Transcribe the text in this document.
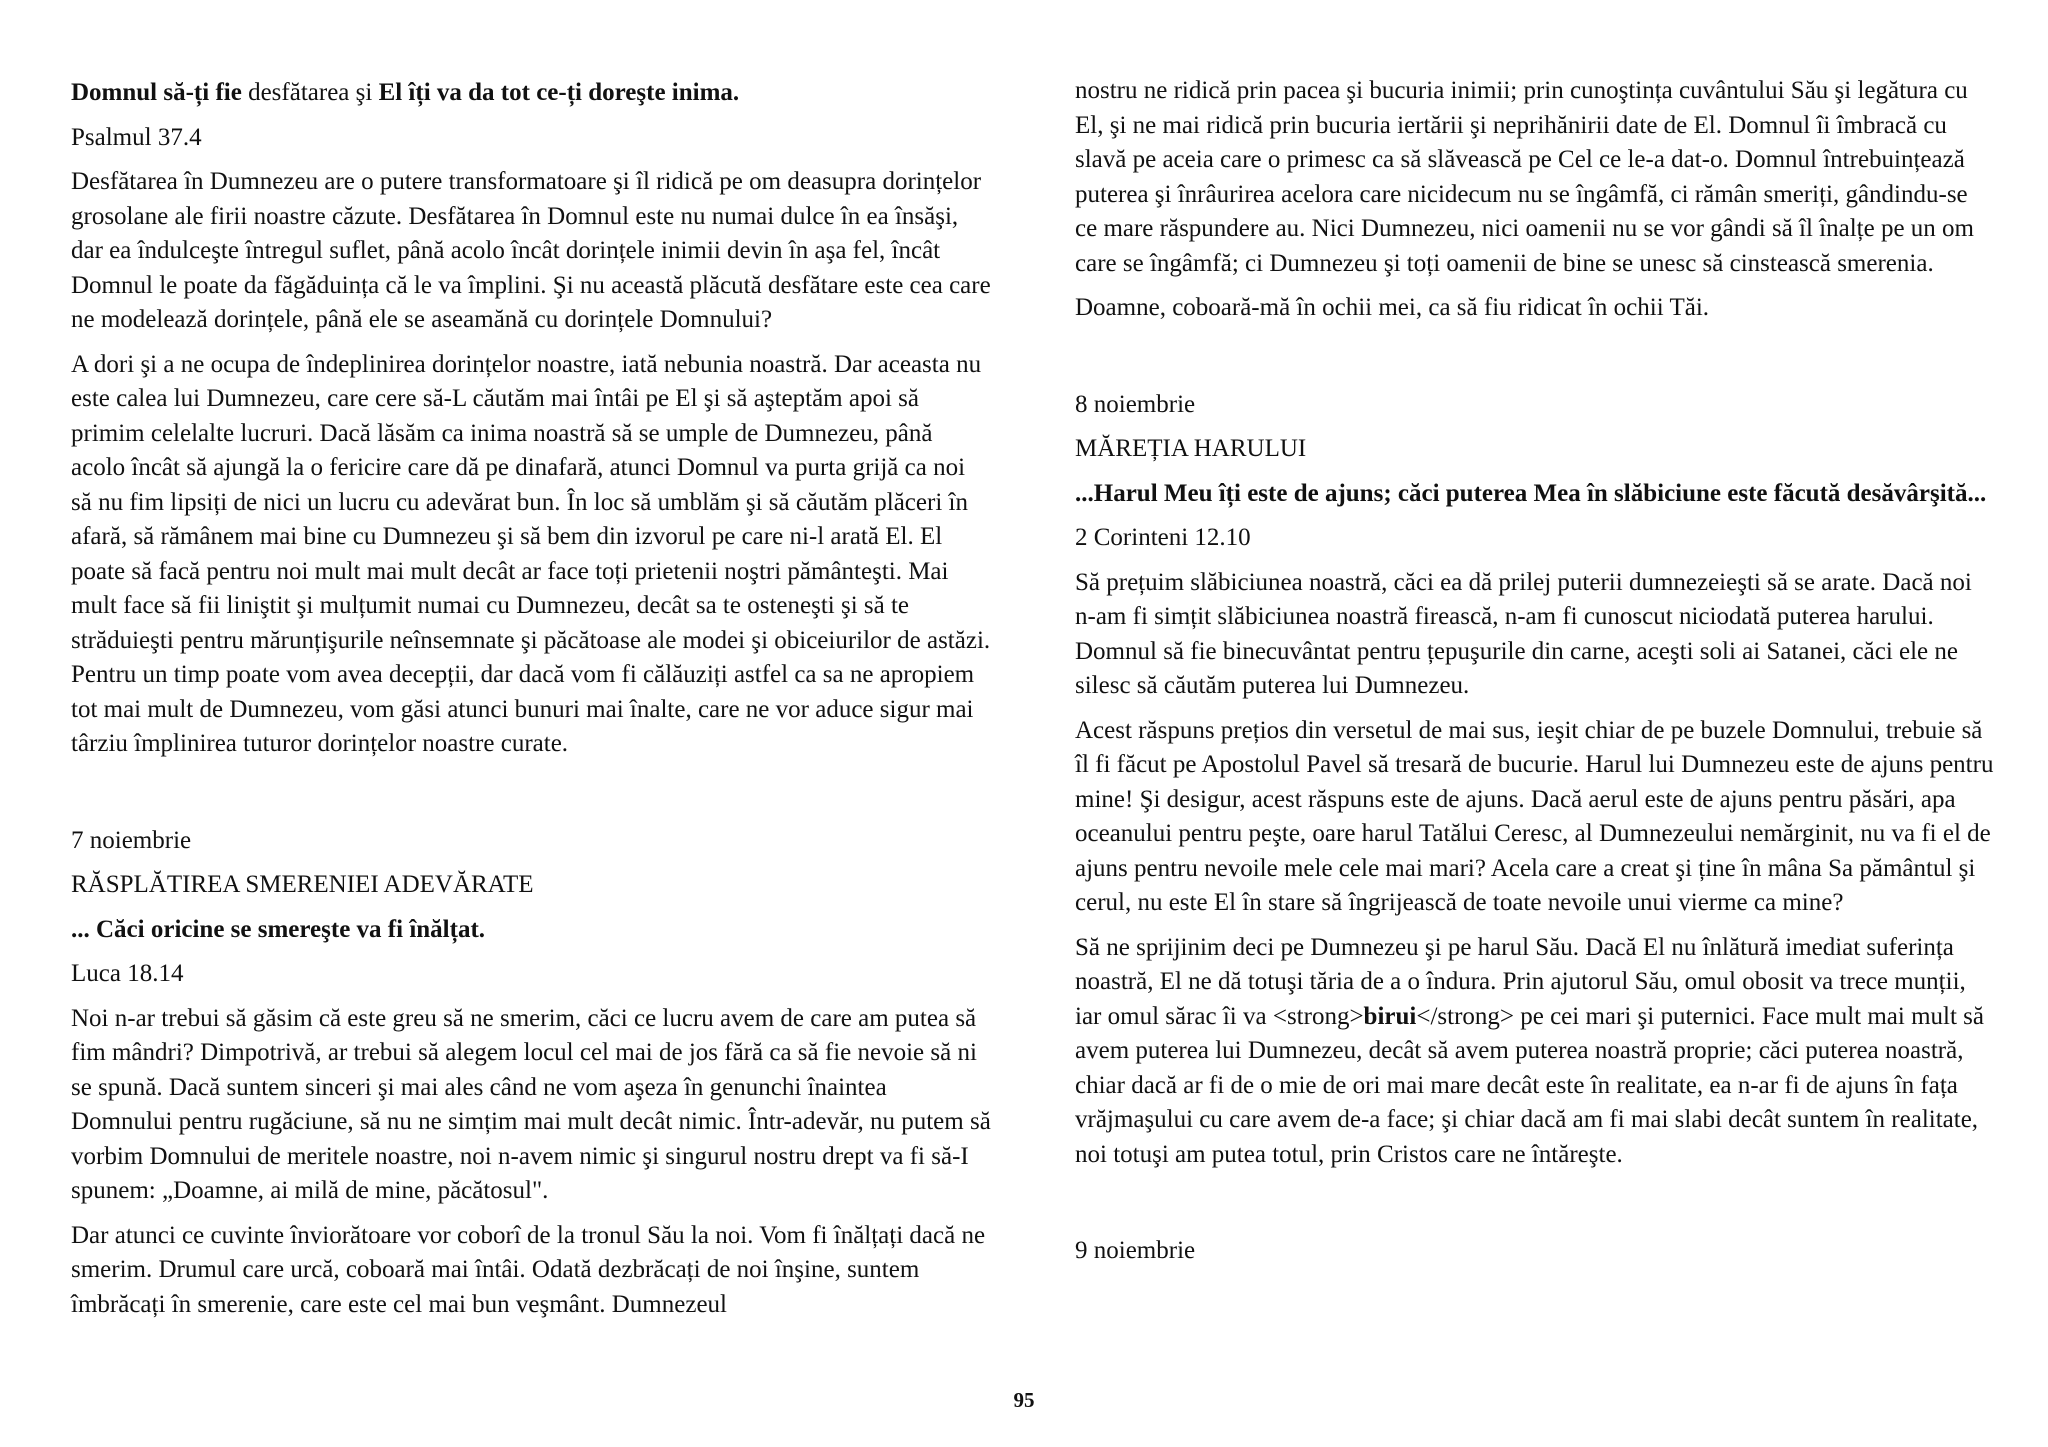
Domnul să-ți fie desfătarea şi El îți va da tot ce-ți doreşte inima.

Psalmul 37.4

Desfătarea în Dumnezeu are o putere transformatoare şi îl ridică pe om deasupra dorințelor grosolane ale firii noastre căzute. Desfătarea în Domnul este nu numai dulce în ea însăşi, dar ea îndulceşte întregul suflet, până acolo încât dorințele inimii devin în aşa fel, încât Domnul le poate da făgăduința că le va împlini. Şi nu această plăcută desfătare este cea care ne modelează dorințele, până ele se aseamănă cu dorințele Domnului?

A dori şi a ne ocupa de îndeplinirea dorințelor noastre, iată nebunia noastră. Dar aceasta nu este calea lui Dumnezeu, care cere să-L căutăm mai întâi pe El şi să aşteptăm apoi să primim celelalte lucruri. Dacă lăsăm ca inima noastră să se umple de Dumnezeu, până acolo încât să ajungă la o fericire care dă pe dinafară, atunci Domnul va purta grijă ca noi să nu fim lipsiți de nici un lucru cu adevărat bun. În loc să umblăm şi să căutăm plăceri în afară, să rămânem mai bine cu Dumnezeu şi să bem din izvorul pe care ni-l arată El. El poate să facă pentru noi mult mai mult decât ar face toți prietenii noştri pământeşti. Mai mult face să fii liniştit şi mulțumit numai cu Dumnezeu, decât sa te osteneşti şi să te străduieşti pentru mărunțişurile neînsemnate şi păcătoase ale modei şi obiceiurilor de astăzi. Pentru un timp poate vom avea decepții, dar dacă vom fi călăuziți astfel ca sa ne apropiem tot mai mult de Dumnezeu, vom găsi atunci bunuri mai înalte, care ne vor aduce sigur mai târziu împlinirea tuturor dorințelor noastre curate.

7 noiembrie

RĂSPLĂTIREA SMERENIEI ADEVĂRATE

... Căci oricine se smereşte va fi înălțat.

Luca 18.14

Noi n-ar trebui să găsim că este greu să ne smerim, căci ce lucru avem de care am putea să fim mândri? Dimpotrivă, ar trebui să alegem locul cel mai de jos fără ca să fie nevoie să ni se spună. Dacă suntem sinceri şi mai ales când ne vom aşeza în genunchi înaintea Domnului pentru rugăciune, să nu ne simțim mai mult decât nimic. Într-adevăr, nu putem să vorbim Domnului de meritele noastre, noi n-avem nimic şi singurul nostru drept va fi să-I spunem: „Doamne, ai milă de mine, păcătosul".

Dar atunci ce cuvinte înviorătoare vor coborî de la tronul Său la noi. Vom fi înălțați dacă ne smerim. Drumul care urcă, coboară mai întâi. Odată dezbrăcați de noi înşine, suntem îmbrăcați în smerenie, care este cel mai bun veşmânt. Dumnezeul

nostru ne ridică prin pacea şi bucuria inimii; prin cunoştința cuvântului Său şi legătura cu El, şi ne mai ridică prin bucuria iertării şi neprihănirii date de El. Domnul îi îmbracă cu slavă pe aceia care o primesc ca să slăvească pe Cel ce le-a dat-o. Domnul întrebuințează puterea şi înrâurirea acelora care nicidecum nu se îngâmfă, ci rămân smeriți, gândindu-se ce mare răspundere au. Nici Dumnezeu, nici oamenii nu se vor gândi să îl înalțe pe un om care se îngâmfă; ci Dumnezeu şi toți oamenii de bine se unesc să cinstească smerenia.

Doamne, coboară-mă în ochii mei, ca să fiu ridicat în ochii Tăi.

8 noiembrie

MĂREȚIA HARULUI

...Harul Meu îți este de ajuns; căci puterea Mea în slăbiciune este făcută desăvârşită...

2 Corinteni 12.10

Să prețuim slăbiciunea noastră, căci ea dă prilej puterii dumnezeieşti să se arate. Dacă noi n-am fi simțit slăbiciunea noastră firească, n-am fi cunoscut niciodată puterea harului. Domnul să fie binecuvântat pentru țepuşurile din carne, aceşti soli ai Satanei, căci ele ne silesc să căutăm puterea lui Dumnezeu.

Acest răspuns prețios din versetul de mai sus, ieşit chiar de pe buzele Domnului, trebuie să îl fi făcut pe Apostolul Pavel să tresară de bucurie. Harul lui Dumnezeu este de ajuns pentru mine! Şi desigur, acest răspuns este de ajuns. Dacă aerul este de ajuns pentru păsări, apa oceanului pentru peşte, oare harul Tatălui Ceresc, al Dumnezeului nemărginit, nu va fi el de ajuns pentru nevoile mele cele mai mari? Acela care a creat şi ține în mâna Sa pământul şi cerul, nu este El în stare să îngrijească de toate nevoile unui vierme ca mine?

Să ne sprijinim deci pe Dumnezeu şi pe harul Său. Dacă El nu înlătură imediat suferința noastră, El ne dă totuşi tăria de a o îndura. Prin ajutorul Său, omul obosit va trece munții, iar omul sărac îi va <strong>birui</strong> pe cei mari şi puternici. Face mult mai mult să avem puterea lui Dumnezeu, decât să avem puterea noastră proprie; căci puterea noastră, chiar dacă ar fi de o mie de ori mai mare decât este în realitate, ea n-ar fi de ajuns în fața vrăjmaşului cu care avem de-a face; şi chiar dacă am fi mai slabi decât suntem în realitate, noi totuşi am putea totul, prin Cristos care ne întăreşte.

9 noiembrie

95
